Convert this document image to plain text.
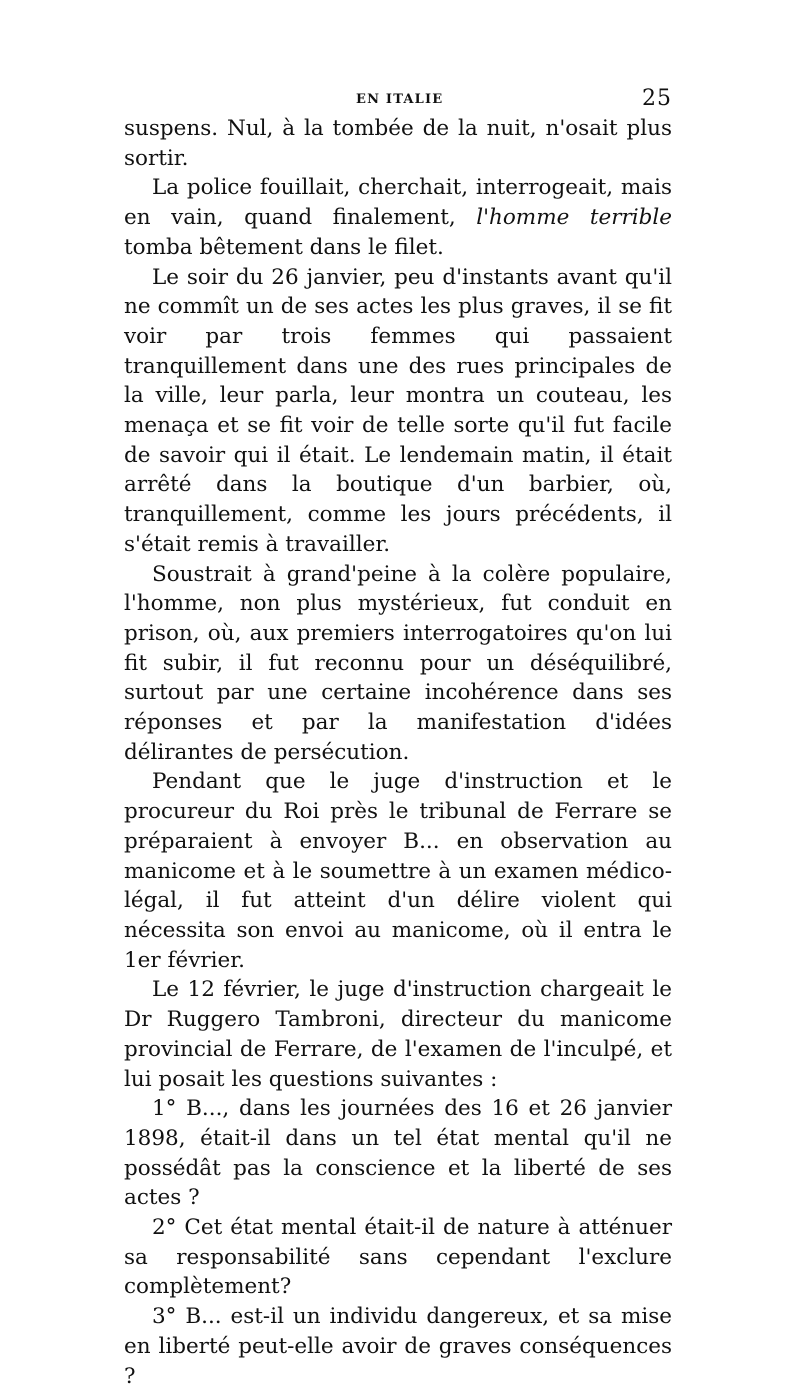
EN ITALIE	25

suspens. Nul, à la tombée de la nuit, n'osait plus sortir.

La police fouillait, cherchait, interrogeait, mais en vain, quand finalement, l'homme terrible tomba bêtement dans le filet.

Le soir du 26 janvier, peu d'instants avant qu'il ne commît un de ses actes les plus graves, il se fit voir par trois femmes qui passaient tranquillement dans une des rues principales de la ville, leur parla, leur montra un couteau, les menaça et se fit voir de telle sorte qu'il fut facile de savoir qui il était. Le lendemain matin, il était arrêté dans la boutique d'un barbier, où, tranquillement, comme les jours précédents, il s'était remis à travailler.

Soustrait à grand'peine à la colère populaire, l'homme, non plus mystérieux, fut conduit en prison, où, aux premiers interrogatoires qu'on lui fit subir, il fut reconnu pour un déséquilibré, surtout par une certaine incohérence dans ses réponses et par la manifestation d'idées délirantes de persécution.

Pendant que le juge d'instruction et le procureur du Roi près le tribunal de Ferrare se préparaient à envoyer B... en observation au manicome et à le soumettre à un examen médico-légal, il fut atteint d'un délire violent qui nécessita son envoi au manicome, où il entra le 1er février.

Le 12 février, le juge d'instruction chargeait le Dr Ruggero Tambroni, directeur du manicome provincial de Ferrare, de l'examen de l'inculpé, et lui posait les questions suivantes :

1° B..., dans les journées des 16 et 26 janvier 1898, était-il dans un tel état mental qu'il ne possédât pas la conscience et la liberté de ses actes ?

2° Cet état mental était-il de nature à atténuer sa responsabilité sans cependant l'exclure complètement?

3° B... est-il un individu dangereux, et sa mise en liberté peut-elle avoir de graves conséquences ?
